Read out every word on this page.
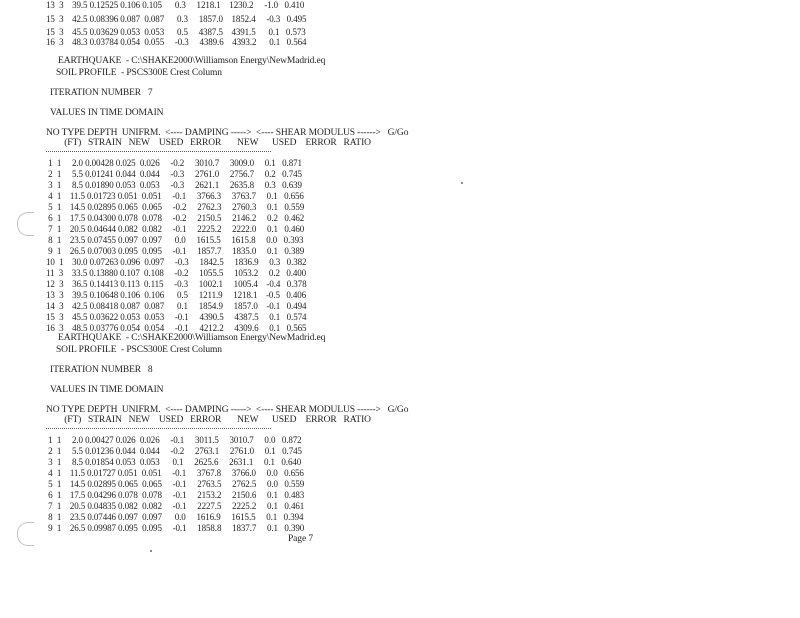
13  3    39.5 0.12525 0.106 0.105      0.3     1218.1    1230.2     -1.0   0.410
15  3    42.5 0.08396 0.087  0.087      0.3     1857.0    1852.4     -0.3   0.495
15  3    45.5 0.03629 0.053  0.053      0.5     4387.5    4391.5      0.1   0.573
16  3    48.3 0.03784 0.054  0.055     -0.3     4389.6    4393.2      0.1   0.564
EARTHQUAKE  - C:\SHAKE2000\Williamson Energy\NewMadrid.eq
SOIL PROFILE  - PSCS300E Crest Column
ITERATION NUMBER   7
VALUES IN TIME DOMAIN
NO TYPE DEPTH  UNIFRM.  <---- DAMPING ----->  <---- SHEAR MODULUS ------>   G/Go
(FT)   STRAIN   NEW    USED   ERROR       NEW      USED    ERROR   RATIO
1  1     2.0 0.00428 0.025  0.026     -0.2     3010.7     3009.0     0.1   0.871
2  1     5.5 0.01241 0.044  0.044     -0.3     2761.0     2756.7     0.2   0.745
3  1     8.5 0.01890 0.053  0.053     -0.3     2621.1     2635.8     0.3   0.639
4  1    11.5 0.01723 0.051  0.051     -0.1     3766.3     3763.7     0.1   0.656
5  1    14.5 0.02895 0.065  0.065     -0.2     2762.3     2760.3     0.1   0.559
6  1    17.5 0.04300 0.078  0.078     -0.2     2150.5     2146.2     0.2   0.462
7  1    20.5 0.04644 0.082  0.082     -0.1     2225.2     2222.0     0.1   0.460
8  1    23.5 0.07455 0.097  0.097      0.0     1615.5     1615.8     0.0   0.393
9  1    26.5 0.07003 0.095  0.095     -0.1     1857.7     1835.0     0.1   0.389
10  1    30.0 0.07263 0.096  0.097     -0.3     1842.5     1836.9     0.3   0.382
11  3    33.5 0.13880 0.107  0.108     -0.2     1055.5     1053.2     0.2   0.400
12  3    36.5 0.14413 0.113  0.115     -0.3     1002.1     1005.4    -0.4   0.378
13  3    39.5 0.10648 0.106  0.106      0.5     1211.9     1218.1    -0.5   0.406
14  3    42.5 0.08418 0.087  0.087      0.1     1854.9     1857.0    -0.1   0.494
15  3    45.5 0.03622 0.053  0.053     -0.1     4390.5     4387.5     0.1   0.574
16  3    48.5 0.03776 0.054  0.054     -0.1     4212.2     4309.6     0.1   0.565
EARTHQUAKE  - C:\SHAKE2000\Williamson Energy\NewMadrid.eq
SOIL PROFILE  - PSCS300E Crest Column
ITERATION NUMBER   8
VALUES IN TIME DOMAIN
NO TYPE DEPTH  UNIFRM.  <---- DAMPING ----->  <---- SHEAR MODULUS ------>   G/Go
(FT)   STRAIN   NEW    USED   ERROR       NEW      USED    ERROR   RATIO
1  1     2.0 0.00427 0.026  0.026     -0.1     3011.5     3010.7     0.0   0.872
2  1     5.5 0.01236 0.044  0.044     -0.2     2763.1     2761.0     0.1   0.745
3  1     8.5 0.01854 0.053  0.053      0.1     2625.6     2631.1     0.1   0.640
4  1    11.5 0.01727 0.051  0.051     -0.1     3767.8     3766.0     0.0   0.656
5  1    14.5 0.02895 0.065  0.065     -0.1     2763.5     2762.5     0.0   0.559
6  1    17.5 0.04296 0.078  0.078     -0.1     2153.2     2150.6     0.1   0.483
7  1    20.5 0.04835 0.082  0.082     -0.1     2227.5     2225.2     0.1   0.461
8  1    23.5 0.07446 0.097  0.097      0.0     1616.9     1615.5     0.1   0.394
9  1    26.5 0.09987 0.095  0.095     -0.1     1858.8     1837.7     0.1   0.390
Page 7
